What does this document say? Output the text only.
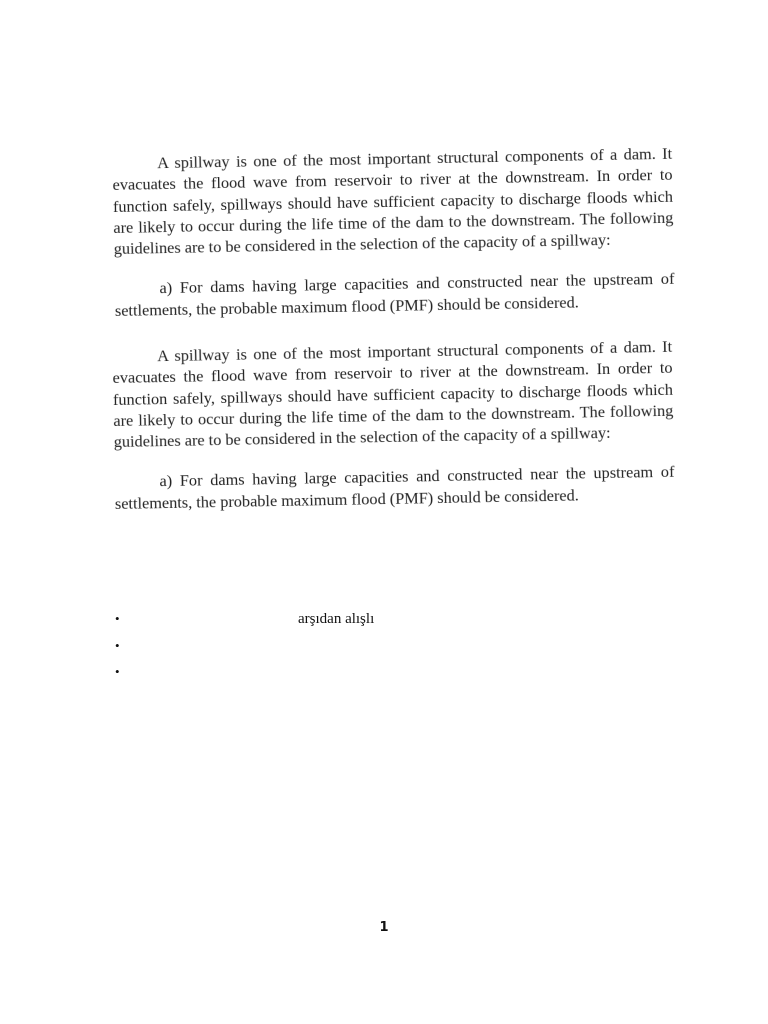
A spillway is one of the most important structural components of a dam. It evacuates the flood wave from reservoir to river at the downstream. In order to function safely, spillways should have sufficient capacity to discharge floods which are likely to occur during the life time of the dam to the downstream. The following guidelines are to be considered in the selection of the capacity of a spillway:

a) For dams having large capacities and constructed near the upstream of settlements, the probable maximum flood (PMF) should be considered.

A spillway is one of the most important structural components of a dam. It evacuates the flood wave from reservoir to river at the downstream. In order to function safely, spillways should have sufficient capacity to discharge floods which are likely to occur during the life time of the dam to the downstream. The following guidelines are to be considered in the selection of the capacity of a spillway:

a) For dams having large capacities and constructed near the upstream of settlements, the probable maximum flood (PMF) should be considered.

•	arşıdan alışlı
•
•
1
